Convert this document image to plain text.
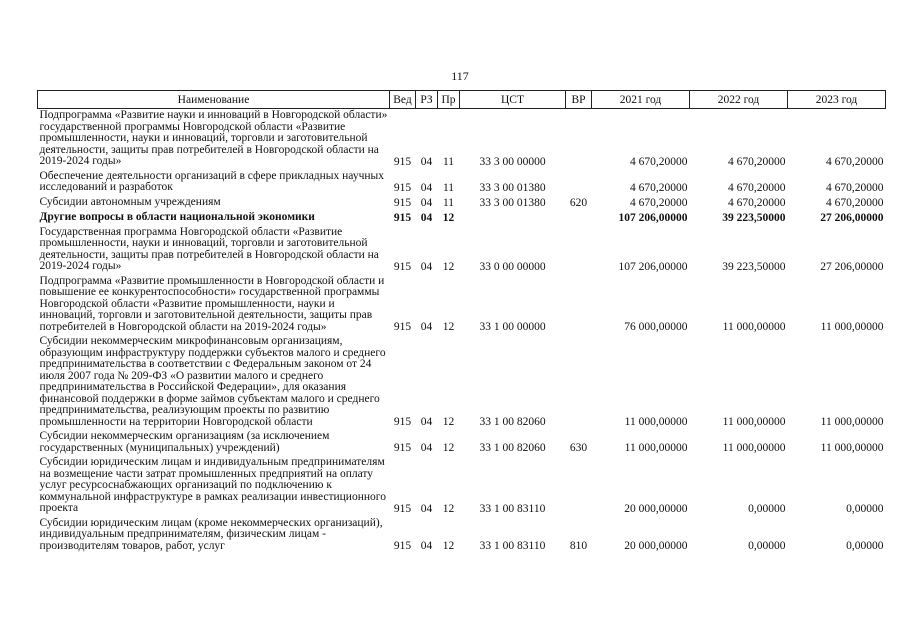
117
Наименование	Вед	РЗ	Пр	ЦСТ	ВР	2021 год	2022 год	2023 год
Подпрограмма «Развитие науки и инноваций в Новгородской области» государственной программы Новгородской области «Развитие промышленности, науки и инноваций, торговли и заготовительной деятельности, защиты прав потребителей в Новгородской области на 2019-2024 годы»	915	04	11	33 3 00 00000		4 670,20000	4 670,20000	4 670,20000
Обеспечение деятельности организаций в сфере прикладных научных исследований и разработок	915	04	11	33 3 00 01380		4 670,20000	4 670,20000	4 670,20000
Субсидии автономным учреждениям	915	04	11	33 3 00 01380	620	4 670,20000	4 670,20000	4 670,20000
Другие вопросы в области национальной экономики	915	04	12			107 206,00000	39 223,50000	27 206,00000
Государственная программа Новгородской области «Развитие промышленности, науки и инноваций, торговли и заготовительной деятельности, защиты прав потребителей в Новгородской области на 2019-2024 годы»	915	04	12	33 0 00 00000		107 206,00000	39 223,50000	27 206,00000
Подпрограмма «Развитие промышленности в Новгородской области и повышение ее конкурентоспособности» государственной программы Новгородской области «Развитие промышленности, науки и инноваций, торговли и заготовительной деятельности, защиты прав потребителей в Новгородской области на 2019-2024 годы»	915	04	12	33 1 00 00000		76 000,00000	11 000,00000	11 000,00000
Субсидии некоммерческим микрофинансовым организациям, образующим инфраструктуру поддержки субъектов малого и среднего предпринимательства в соответствии с Федеральным законом от 24 июля 2007 года № 209-ФЗ «О развитии малого и среднего предпринимательства в Российской Федерации», для оказания финансовой поддержки в форме займов субъектам малого и среднего предпринимательства, реализующим проекты по развитию промышленности на территории Новгородской области	915	04	12	33 1 00 82060		11 000,00000	11 000,00000	11 000,00000
Субсидии некоммерческим организациям (за исключением государственных (муниципальных) учреждений)	915	04	12	33 1 00 82060	630	11 000,00000	11 000,00000	11 000,00000
Субсидии юридическим лицам и индивидуальным предпринимателям на возмещение части затрат промышленных предприятий на оплату услуг ресурсоснабжающих организаций по подключению к коммунальной инфраструктуре в рамках реализации инвестиционного проекта	915	04	12	33 1 00 83110		20 000,00000	0,00000	0,00000
Субсидии юридическим лицам (кроме некоммерческих организаций), индивидуальным предпринимателям, физическим лицам - производителям товаров, работ, услуг	915	04	12	33 1 00 83110	810	20 000,00000	0,00000	0,00000
